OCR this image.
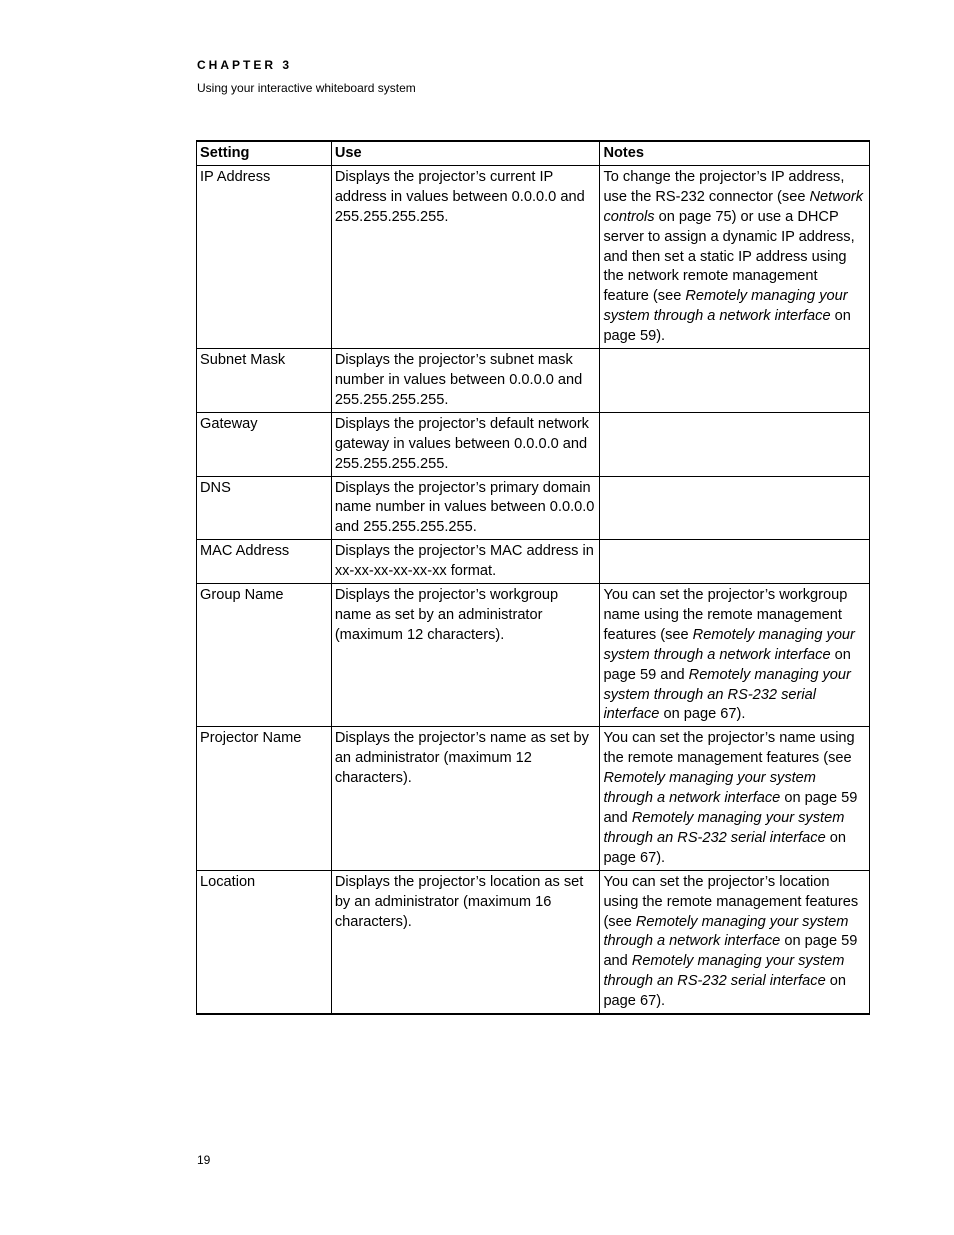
CHAPTER 3
Using your interactive whiteboard system
Setting	Use	Notes
IP Address	Displays the projector’s current IP address in values between 0.0.0.0 and 255.255.255.255.	To change the projector’s IP address, use the RS-232 connector (see Network controls on page 75) or use a DHCP server to assign a dynamic IP address, and then set a static IP address using the network remote management feature (see Remotely managing your system through a network interface on page 59).
Subnet Mask	Displays the projector’s subnet mask number in values between 0.0.0.0 and 255.255.255.255.	
Gateway	Displays the projector’s default network gateway in values between 0.0.0.0 and 255.255.255.255.	
DNS	Displays the projector’s primary domain name number in values between 0.0.0.0 and 255.255.255.255.	
MAC Address	Displays the projector’s MAC address in xx-xx-xx-xx-xx-xx format.	
Group Name	Displays the projector’s workgroup name as set by an administrator (maximum 12 characters).	You can set the projector’s workgroup name using the remote management features (see Remotely managing your system through a network interface on page 59 and Remotely managing your system through an RS-232 serial interface on page 67).
Projector Name	Displays the projector’s name as set by an administrator (maximum 12 characters).	You can set the projector’s name using the remote management features (see Remotely managing your system through a network interface on page 59 and Remotely managing your system through an RS-232 serial interface on page 67).
Location	Displays the projector’s location as set by an administrator (maximum 16 characters).	You can set the projector’s location using the remote management features (see Remotely managing your system through a network interface on page 59 and Remotely managing your system through an RS-232 serial interface on page 67).
19
